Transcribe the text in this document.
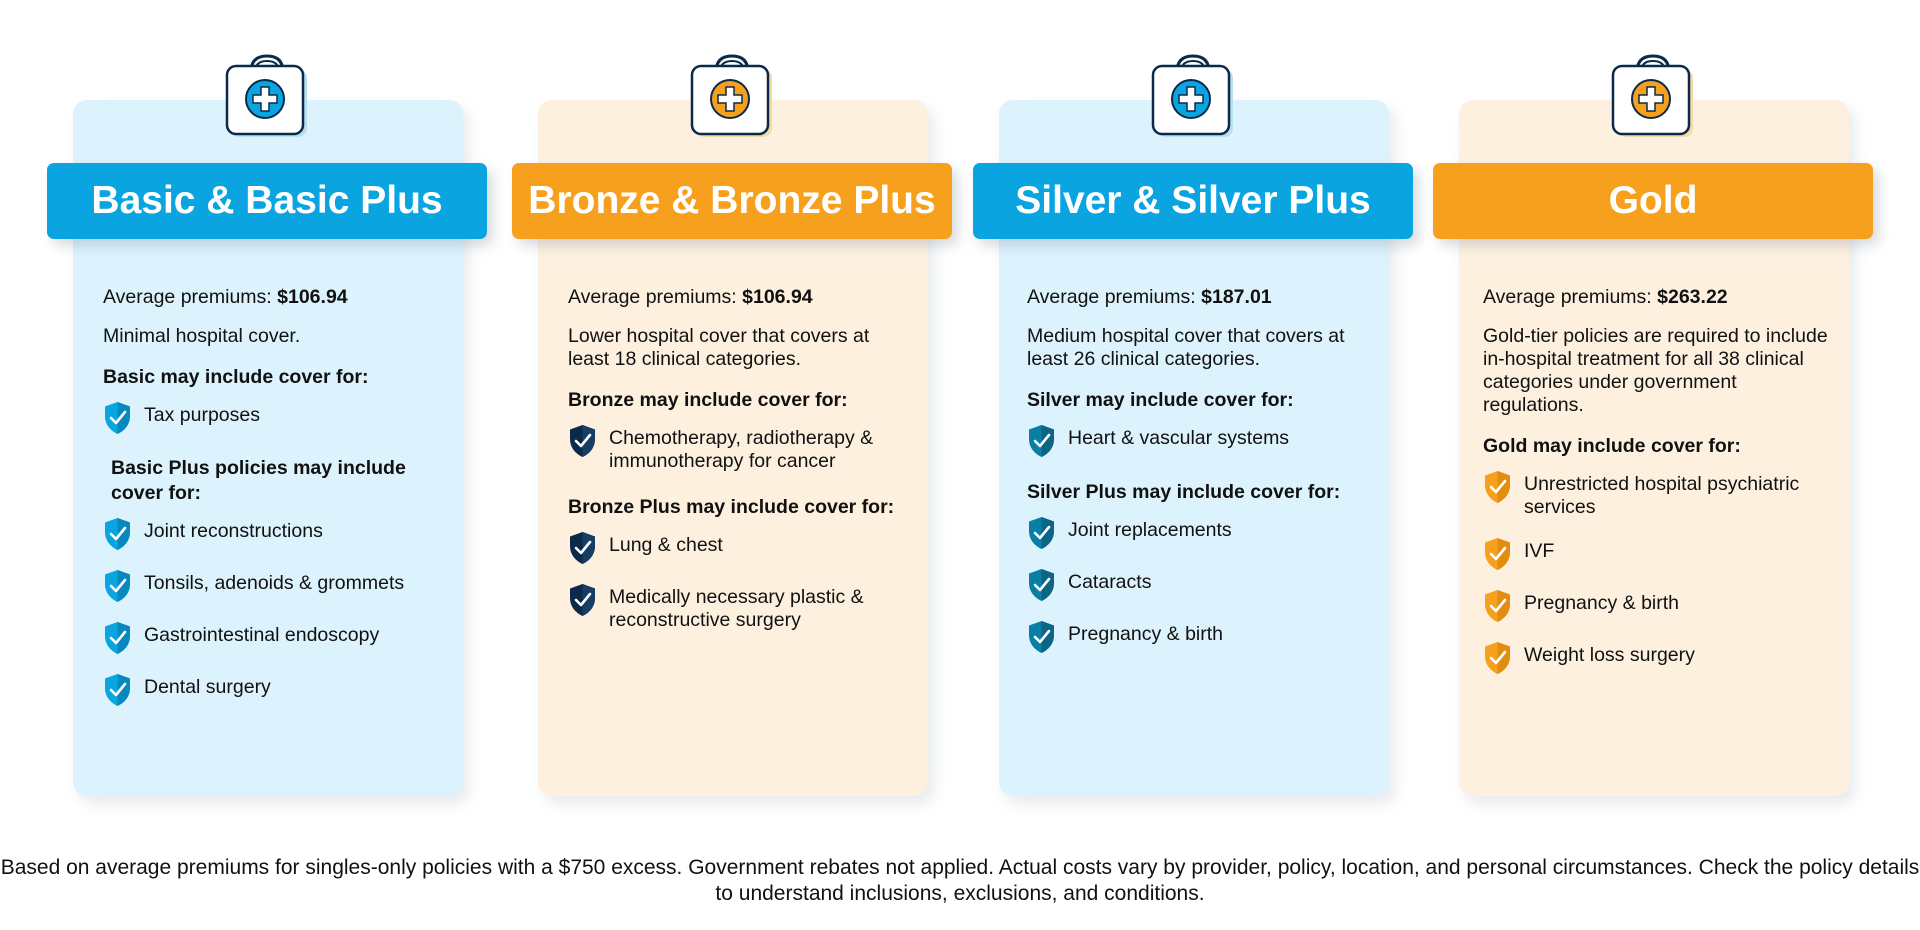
Basic & Basic Plus
Average premiums: $106.94

Minimal hospital cover.

Basic may include cover for:

Tax purposes

Basic Plus policies may include cover for:

Joint reconstructions
Tonsils, adenoids & grommets
Gastrointestinal endoscopy
Dental surgery
Bronze & Bronze Plus
Average premiums: $106.94

Lower hospital cover that covers at least 18 clinical categories.

Bronze may include cover for:

Chemotherapy, radiotherapy & immunotherapy for cancer

Bronze Plus may include cover for:

Lung & chest
Medically necessary plastic & reconstructive surgery
Silver & Silver Plus
Average premiums: $187.01

Medium hospital cover that covers at least 26 clinical categories.

Silver may include cover for:

Heart & vascular systems

Silver Plus may include cover for:

Joint replacements
Cataracts
Pregnancy & birth
Gold
Average premiums: $263.22

Gold-tier policies are required to include in-hospital treatment for all 38 clinical categories under government regulations.

Gold may include cover for:

Unrestricted hospital psychiatric services
IVF
Pregnancy & birth
Weight loss surgery

Based on average premiums for singles-only policies with a $750 excess. Government rebates not applied. Actual costs vary by provider, policy, location, and personal circumstances. Check the policy details to understand inclusions, exclusions, and conditions.
